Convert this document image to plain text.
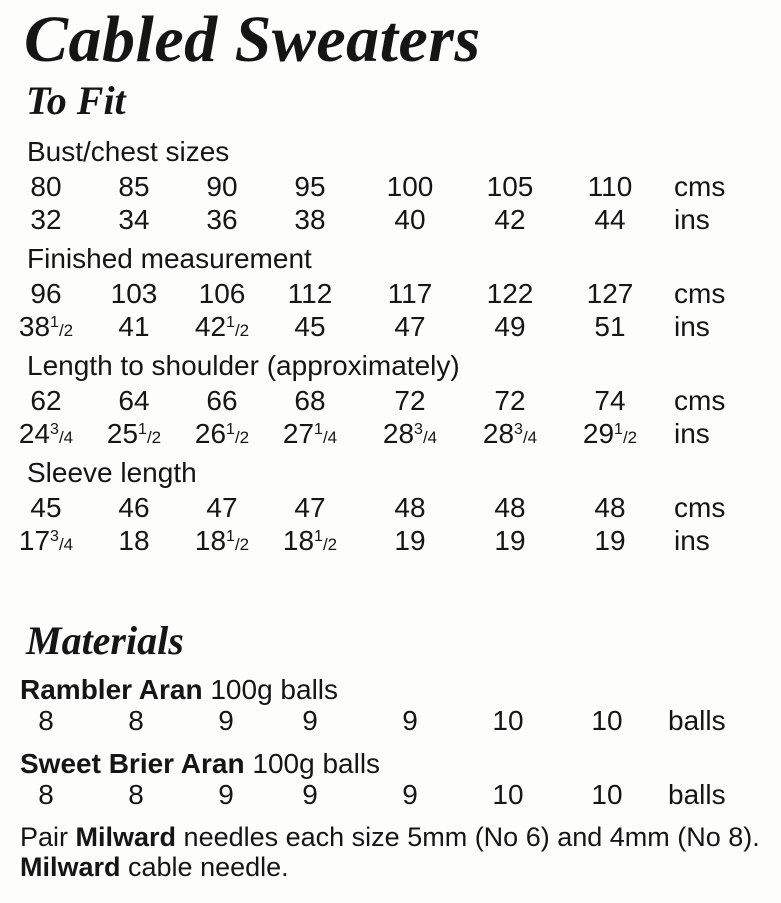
Cabled Sweaters
To Fit
Bust/chest sizes
80	85	90	95	100	105	110	cms
32	34	36	38	40	42	44	ins
Finished measurement
96	103	106	112	117	122	127	cms
$38^1/2$	41	$42^1/2$	45	47	49	51	ins
Length to shoulder (approximately)
62	64	66	68	72	72	74	cms
$24^3/4$	$25^1/2$	$26^1/2$	$27^1/4$	$28^3/4$	$28^3/4$	$29^1/2$	ins
Sleeve length
45	46	47	47	48	48	48	cms
$17^3/4$	18	$18^1/2$	$18^1/2$	19	19	19	ins
Materials
Rambler Aran 100g balls
8	8	9	9	9	10	10	balls
Sweet Brier Aran 100g balls
8	8	9	9	9	10	10	balls
Pair Milward needles each size 5mm (No 6) and 4mm (No 8). Milward cable needle.
